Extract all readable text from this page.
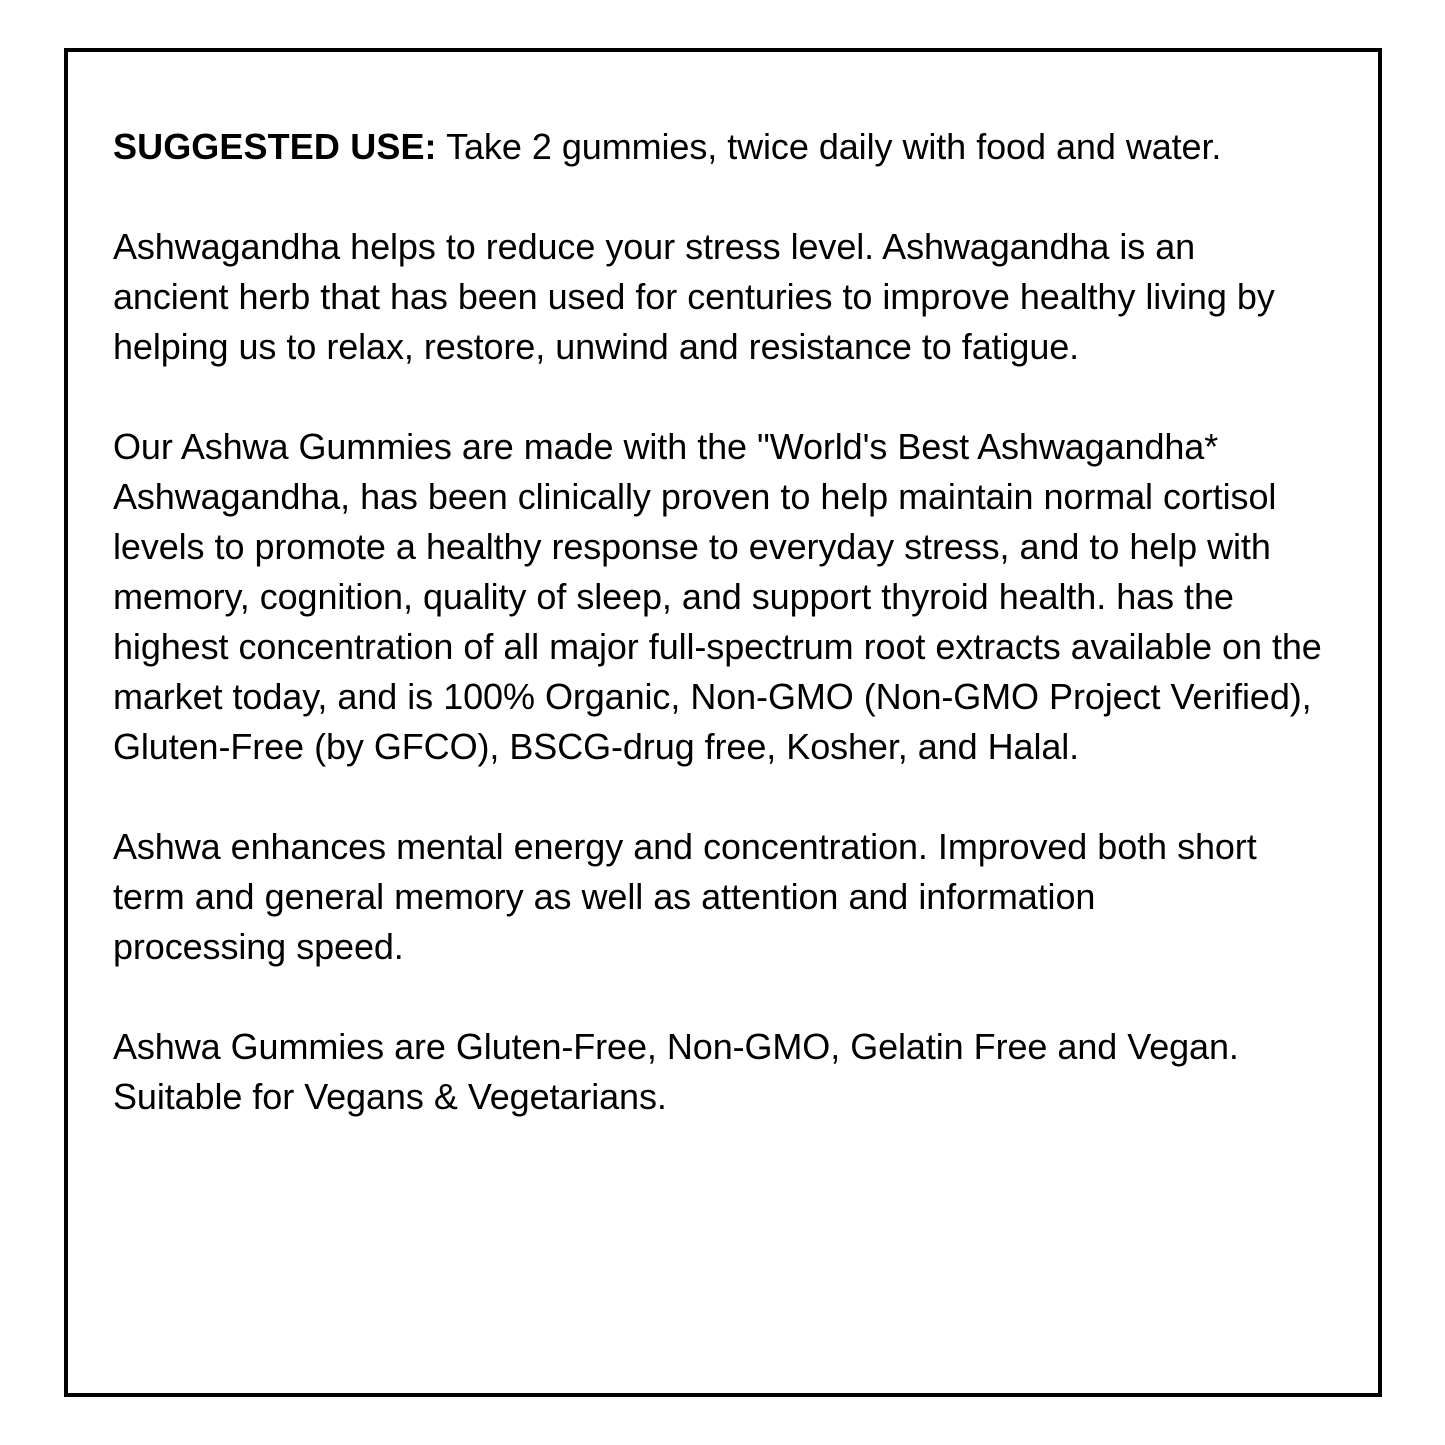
SUGGESTED USE: Take 2 gummies, twice daily with food and water.

Ashwagandha helps to reduce your stress level. Ashwagandha is an ancient herb that has been used for centuries to improve healthy living by helping us to relax, restore, unwind and resistance to fatigue.

Our Ashwa Gummies are made with the "World's Best Ashwagandha* Ashwagandha, has been clinically proven to help maintain normal cortisol levels to promote a healthy response to everyday stress, and to help with memory, cognition, quality of sleep, and support thyroid health. has the highest concentration of all major full-spectrum root extracts available on the market today, and is 100% Organic, Non-GMO (Non-GMO Project Verified), Gluten-Free (by GFCO), BSCG-drug free, Kosher, and Halal.

Ashwa enhances mental energy and concentration. Improved both short term and general memory as well as attention and information processing speed.

Ashwa Gummies are Gluten-Free, Non-GMO, Gelatin Free and Vegan. Suitable for Vegans & Vegetarians.
